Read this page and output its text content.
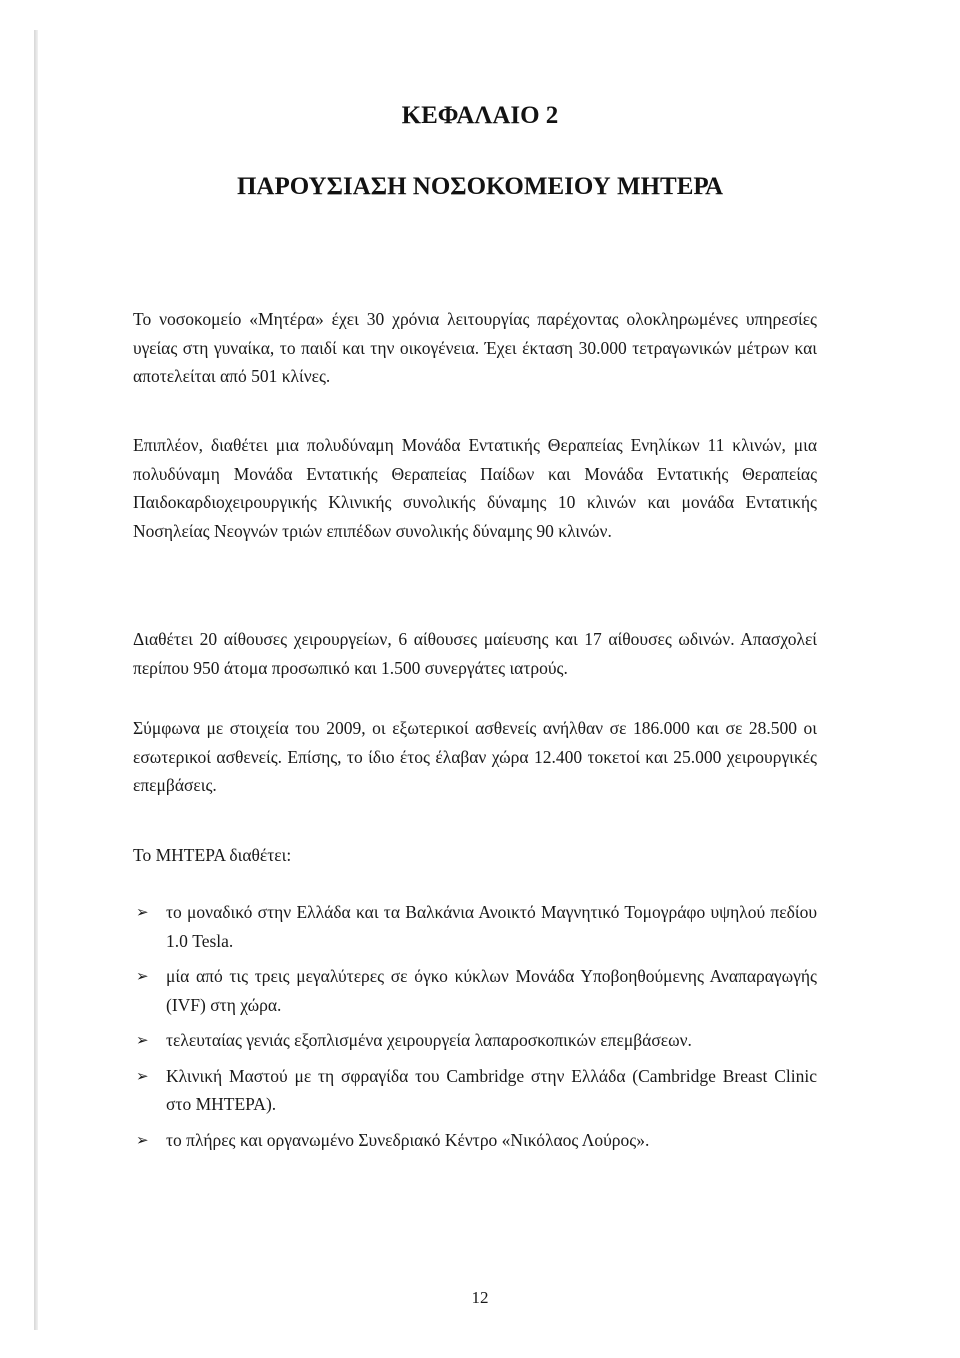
ΚΕΦΑΛΑΙΟ 2
ΠΑΡΟΥΣΙΑΣΗ ΝΟΣΟΚΟΜΕΙΟΥ ΜΗΤΕΡΑ

Το νοσοκομείο «Μητέρα» έχει 30 χρόνια λειτουργίας παρέχοντας ολοκληρωμένες υπηρεσίες υγείας στη γυναίκα, το παιδί και την οικογένεια. Έχει έκταση 30.000 τετραγωνικών μέτρων και αποτελείται από 501 κλίνες.

Επιπλέον, διαθέτει μια πολυδύναμη Μονάδα Εντατικής Θεραπείας Ενηλίκων 11 κλινών, μια πολυδύναμη Μονάδα Εντατικής Θεραπείας Παίδων και Μονάδα Εντατικής Θεραπείας Παιδοκαρδιοχειρουργικής Κλινικής συνολικής δύναμης 10 κλινών και μονάδα Εντατικής Νοσηλείας Νεογνών τριών επιπέδων συνολικής δύναμης 90 κλινών.

Διαθέτει 20 αίθουσες χειρουργείων, 6 αίθουσες μαίευσης και 17 αίθουσες ωδινών. Απασχολεί περίπου 950 άτομα προσωπικό και 1.500 συνεργάτες ιατρούς.

Σύμφωνα με στοιχεία του 2009, οι εξωτερικοί ασθενείς ανήλθαν σε 186.000 και σε 28.500 οι εσωτερικοί ασθενείς. Επίσης, το ίδιο έτος έλαβαν χώρα 12.400 τοκετοί και 25.000 χειρουργικές επεμβάσεις.

Το ΜΗΤΕΡΑ διαθέτει:

➢ το μοναδικό στην Ελλάδα και τα Βαλκάνια Ανοικτό Μαγνητικό Τομογράφο υψηλού πεδίου 1.0 Tesla.
➢ μία από τις τρεις μεγαλύτερες σε όγκο κύκλων Μονάδα Υποβοηθούμενης Αναπαραγωγής (IVF) στη χώρα.
➢ τελευταίας γενιάς εξοπλισμένα χειρουργεία λαπαροσκοπικών επεμβάσεων.
➢ Κλινική Μαστού με τη σφραγίδα του Cambridge στην Ελλάδα (Cambridge Breast Clinic στο ΜΗΤΕΡΑ).
➢ το πλήρες και οργανωμένο Συνεδριακό Κέντρο «Νικόλαος Λούρος».

12
